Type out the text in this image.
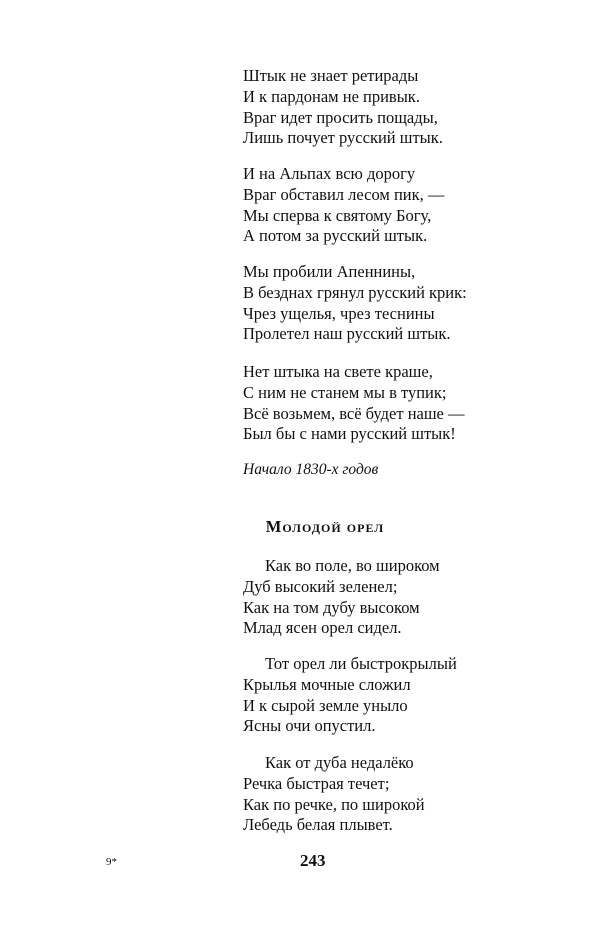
Штык не знает ретирады
И к пардонам не привык.
Враг идет просить пощады,
Лишь почует русский штык.
И на Альпах всю дорогу
Враг обставил лесом пик, —
Мы сперва к святому Богу,
А потом за русский штык.
Мы пробили Апеннины,
В безднах грянул русский крик:
Чрез ущелья, чрез теснины
Пролетел наш русский штык.
Нет штыка на свете краше,
С ним не станем мы в тупик;
Всё возьмем, всё будет наше —
Был бы с нами русский штык!
Начало 1830-х годов
Молодой орел
Как во поле, во широком
Дуб высокий зеленел;
Как на том дубу высоком
Млад ясен орел сидел.
Тот орел ли быстрокрылый
Крылья мочные сложил
И к сырой земле уныло
Ясны очи опустил.
Как от дуба недалёко
Речка быстрая течет;
Как по речке, по широкой
Лебедь белая плывет.
9*	243
